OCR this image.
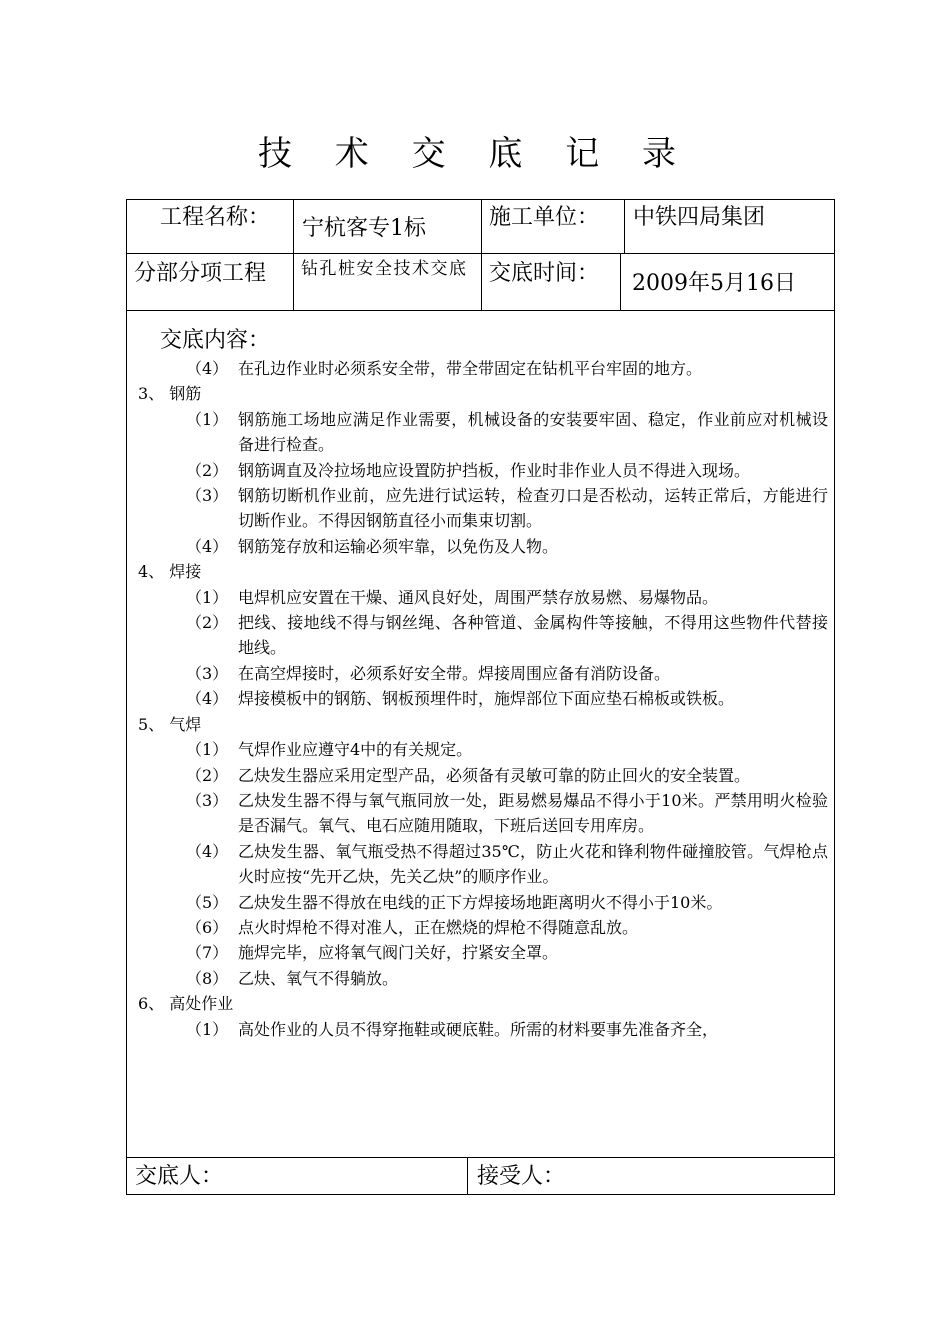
技 术 交 底 记 录
工程名称： 宁杭客专1标	施工单位： 中铁四局集团
分部分项工程 钻孔桩安全技术交底 交底时间： 2009年5月16日
交底内容：
（4） 在孔边作业时必须系安全带，带全带固定在钻机平台牢固的地方。
3、 钢筋
（1） 钢筋施工场地应满足作业需要，机械设备的安装要牢固、稳定，作业前应对机械设备进行检查。
（2） 钢筋调直及冷拉场地应设置防护挡板，作业时非作业人员不得进入现场。
（3） 钢筋切断机作业前，应先进行试运转，检查刃口是否松动，运转正常后，方能进行切断作业。不得因钢筋直径小而集束切割。
（4） 钢筋笼存放和运输必须牢靠，以免伤及人物。
4、 焊接
（1） 电焊机应安置在干燥、通风良好处，周围严禁存放易燃、易爆物品。
（2） 把线、接地线不得与钢丝绳、各种管道、金属构件等接触，不得用这些物件代替接地线。
（3） 在高空焊接时，必须系好安全带。焊接周围应备有消防设备。
（4） 焊接模板中的钢筋、钢板预埋件时，施焊部位下面应垫石棉板或铁板。
5、 气焊
（1） 气焊作业应遵守4中的有关规定。
（2） 乙炔发生器应采用定型产品，必须备有灵敏可靠的防止回火的安全装置。
（3） 乙炔发生器不得与氧气瓶同放一处，距易燃易爆品不得小于10米。严禁用明火检验是否漏气。氧气、电石应随用随取，下班后送回专用库房。
（4） 乙炔发生器、氧气瓶受热不得超过35℃，防止火花和锋利物件碰撞胶管。气焊枪点火时应按“先开乙炔，先关乙炔”的顺序作业。
（5） 乙炔发生器不得放在电线的正下方焊接场地距离明火不得小于10米。
（6） 点火时焊枪不得对准人，正在燃烧的焊枪不得随意乱放。
（7） 施焊完毕，应将氧气阀门关好，拧紧安全罩。
（8） 乙炔、氧气不得躺放。
6、 高处作业
（1） 高处作业的人员不得穿拖鞋或硬底鞋。所需的材料要事先准备齐全，
交底人：	接受人：
